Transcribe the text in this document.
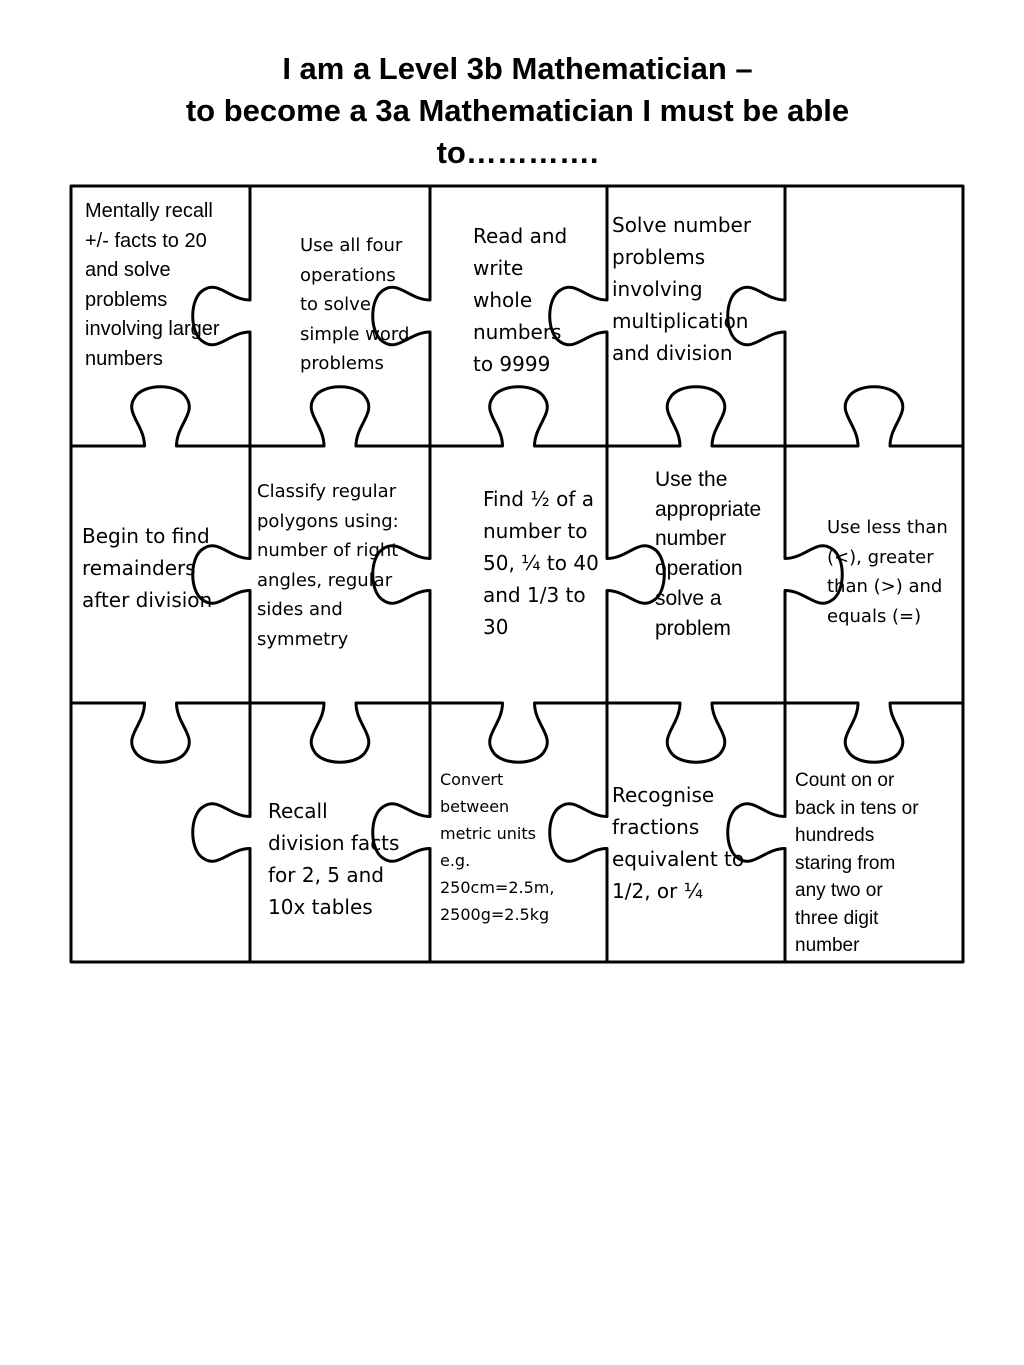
I am a Level 3b Mathematician –
to become a 3a Mathematician I must be able
to………….
Mentally recall
+/- facts to 20
and solve
problems
involving larger
numbers
Use all four
operations
to solve
simple word
problems
Read and
write
whole
numbers
to 9999
Solve number
problems
involving
multiplication
and division
Begin to find
remainders
after division
Classify regular
polygons using:
number of right
angles, regular
sides and
symmetry
Find ½ of a
number to
50, ¼ to 40
and 1/3 to
30
Use the
appropriate
number
operation
solve a
problem
Use less than
(<), greater
than (>) and
equals (=)
Recall
division facts
for 2, 5 and
10x tables
Convert
between
metric units
e.g.
250cm=2.5m,
2500g=2.5kg
Recognise
fractions
equivalent to
1/2, or ¼
Count on or
back in tens or
hundreds
staring from
any two or
three digit
number
